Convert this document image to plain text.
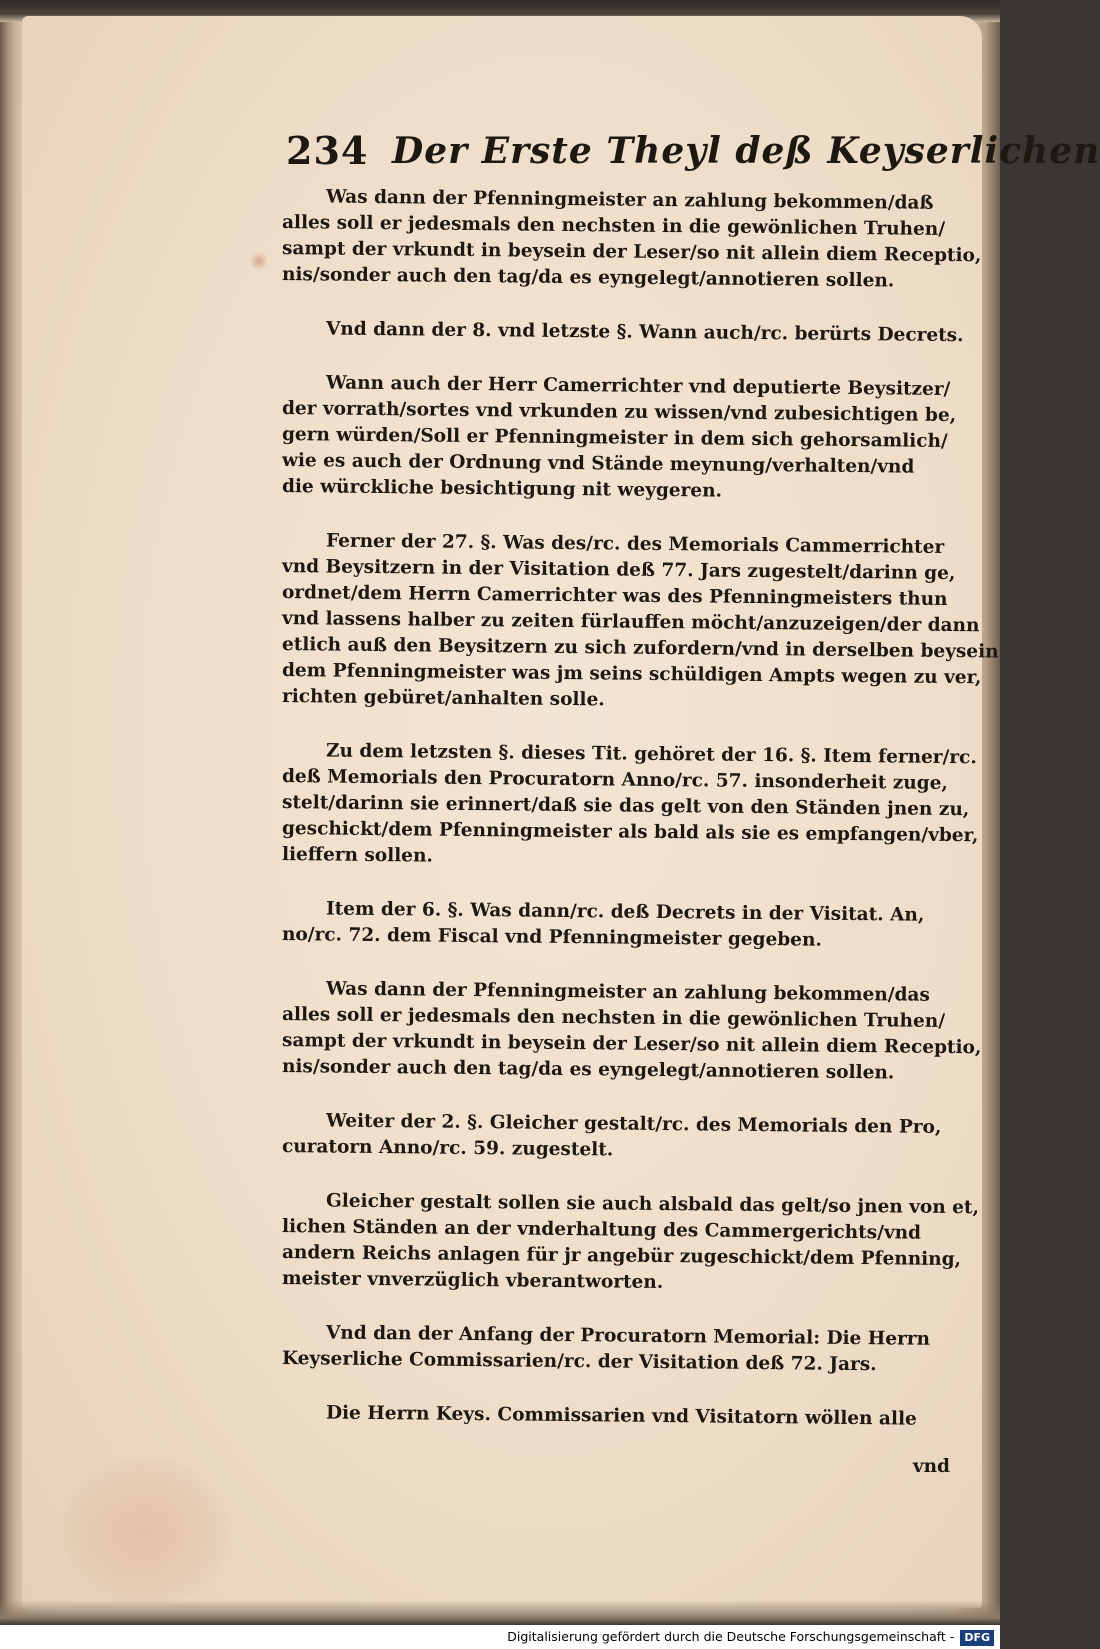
234 Der Erste Theyl deß Keyserlichen
Was dann der Pfenningmeister an zahlung bekommen/daß
alles soll er jedesmals den nechsten in die gewönlichen Truhen/
sampt der vrkundt in beysein der Leser/so nit allein diem Receptio,
nis/sonder auch den tag/da es eyngelegt/annotieren sollen.
Vnd dann der 8. vnd letzste §. Wann auch/rc. berürts Decrets.
Wann auch der Herr Camerrichter vnd deputierte Beysitzer/
der vorrath/sortes vnd vrkunden zu wissen/vnd zubesichtigen be,
gern würden/Soll er Pfenningmeister in dem sich gehorsamlich/
wie es auch der Ordnung vnd Stände meynung/verhalten/vnd
die würckliche besichtigung nit weygeren.
Ferner der 27. §. Was des/rc. des Memorials Cammerrichter
vnd Beysitzern in der Visitation deß 77. Jars zugestelt/darinn ge,
ordnet/dem Herrn Camerrichter was des Pfenningmeisters thun
vnd lassens halber zu zeiten fürlauffen möcht/anzuzeigen/der dann
etlich auß den Beysitzern zu sich zufordern/vnd in derselben beysein
dem Pfenningmeister was jm seins schüldigen Ampts wegen zu ver,
richten gebüret/anhalten solle.
Zu dem letzsten §. dieses Tit. gehöret der 16. §. Item ferner/rc.
deß Memorials den Procuratorn Anno/rc. 57. insonderheit zuge,
stelt/darinn sie erinnert/daß sie das gelt von den Ständen jnen zu,
geschickt/dem Pfenningmeister als bald als sie es empfangen/vber,
lieffern sollen.
Item der 6. §. Was dann/rc. deß Decrets in der Visitat. An,
no/rc. 72. dem Fiscal vnd Pfenningmeister gegeben.
Was dann der Pfenningmeister an zahlung bekommen/das
alles soll er jedesmals den nechsten in die gewönlichen Truhen/
sampt der vrkundt in beysein der Leser/so nit allein diem Receptio,
nis/sonder auch den tag/da es eyngelegt/annotieren sollen.
Weiter der 2. §. Gleicher gestalt/rc. des Memorials den Pro,
curatorn Anno/rc. 59. zugestelt.
Gleicher gestalt sollen sie auch alsbald das gelt/so jnen von et,
lichen Ständen an der vnderhaltung des Cammergerichts/vnd
andern Reichs anlagen für jr angebür zugeschickt/dem Pfenning,
meister vnverzüglich vberantworten.
Vnd dan der Anfang der Procuratorn Memorial: Die Herrn
Keyserliche Commissarien/rc. der Visitation deß 72. Jars.
Die Herrn Keys. Commissarien vnd Visitatorn wöllen alle
vnd
Digitalisierung gefördert durch die Deutsche Forschungsgemeinschaft - DFG
